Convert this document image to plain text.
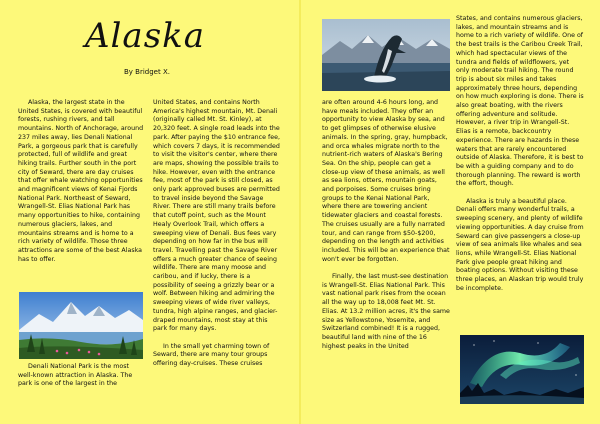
Alaska
By Bridget X.

Alaska, the largest state in the United States, is covered with beautiful forests, rushing rivers, and tall mountains. North of Anchorage, around 237 miles away, lies Denali National Park, a gorgeous park that is carefully protected, full of wildlife and great hiking trails. Further south in the port city of Seward, there are day cruises that offer whale watching opportunities and magnificent views of Kenai Fjords National Park. Northeast of Seward, Wrangell-St. Elias National Park has many opportunities to hike, containing numerous glaciers, lakes, and mountains streams and is home to a rich variety of wildlife. Those three attractions are some of the best Alaska has to offer.

Denali National Park is the most well-known attraction in Alaska. The park is one of the largest in the

United States, and contains North America's highest mountain, Mt. Denali (originally called Mt. St. Kinley), at 20,320 feet. A single road leads into the park. After paying the $10 entrance fee, which covers 7 days, it is recommended to visit the visitor's center, where there are maps, showing the possible trails to hike. However, even with the entrance fee, most of the park is still closed, as only park approved buses are permitted to travel inside beyond the Savage River. There are still many trails before that cutoff point, such as the Mount Healy Overlook Trail, which offers a sweeping view of Denali. Bus fees vary depending on how far in the bus will travel. Travelling past the Savage River offers a much greater chance of seeing wildlife. There are many moose and caribou, and if lucky, there is a possibility of seeing a grizzly bear or a wolf. Between hiking and admiring the sweeping views of wide river valleys, tundra, high alpine ranges, and glacier-draped mountains, most stay at this park for many days.

In the small yet charming town of Seward, there are many tour groups offering day-cruises. These cruises

are often around 4-6 hours long, and have meals included. They offer an opportunity to view Alaska by sea, and to get glimpses of otherwise elusive animals. In the spring, gray, humpback, and orca whales migrate north to the nutrient-rich waters of Alaska's Bering Sea. On the ship, people can get a close-up view of these animals, as well as sea lions, otters, mountain goats, and porpoises. Some cruises bring groups to the Kenai National Park, where there are towering ancient tidewater glaciers and coastal forests. The cruises usually are a fully narrated tour, and can range from $50-$200, depending on the length and activities included. This will be an experience that won't ever be forgotten.

Finally, the last must-see destination is Wrangell-St. Elias National Park. This vast national park rises from the ocean all the way up to 18,008 feet Mt. St. Elias. At 13.2 million acres, it's the same size as Yellowstone, Yosemite, and Switzerland combined! It is a rugged, beautiful land with nine of the 16 highest peaks in the United

States, and contains numerous glaciers, lakes, and mountain streams and is home to a rich variety of wildlife. One of the best trails is the Caribou Creek Trail, which had spectacular views of the tundra and fields of wildflowers, yet only moderate trail hiking. The round trip is about six miles and takes approximately three hours, depending on how much exploring is done. There is also great boating, with the rivers offering adventure and solitude. However, a river trip in Wrangell-St. Elias is a remote, backcountry experience. There are hazards in these waters that are rarely encountered outside of Alaska. Therefore, it is best to be with a guiding company and to do thorough planning. The reward is worth the effort, though.

Alaska is truly a beautiful place. Denali offers many wonderful trails, a sweeping scenery, and plenty of wildlife viewing opportunities. A day cruise from Seward can give passengers a close-up view of sea animals like whales and sea lions, while Wrangell-St. Elias National Park give people great hiking and boating options. Without visiting these three places, an Alaskan trip would truly be incomplete.
